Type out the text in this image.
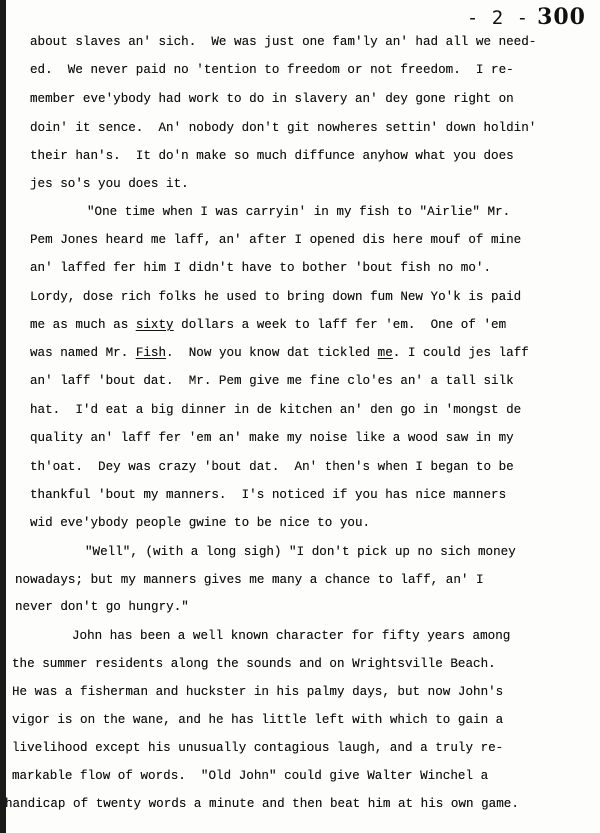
- 2 - 300
about slaves an' sich.  We was just one fam'ly an' had all we need-
ed.  We never paid no 'tention to freedom or not freedom.  I re-
member eve'ybody had work to do in slavery an' dey gone right on
doin' it sence.  An' nobody don't git nowheres settin' down holdin'
their han's.  It do'n make so much diffunce anyhow what you does
jes so's you does it.
"One time when I was carryin' in my fish to "Airlie" Mr.
Pem Jones heard me laff, an' after I opened dis here mouf of mine
an' laffed fer him I didn't have to bother 'bout fish no mo'.
Lordy, dose rich folks he used to bring down fum New Yo'k is paid
me as much as sixty dollars a week to laff fer 'em.  One of 'em
was named Mr. Fish.  Now you know dat tickled me. I could jes laff
an' laff 'bout dat.  Mr. Pem give me fine clo'es an' a tall silk
hat.  I'd eat a big dinner in de kitchen an' den go in 'mongst de
quality an' laff fer 'em an' make my noise like a wood saw in my
th'oat.  Dey was crazy 'bout dat.  An' then's when I began to be
thankful 'bout my manners.  I's noticed if you has nice manners
wid eve'ybody people gwine to be nice to you.
"Well", (with a long sigh) "I don't pick up no sich money
nowadays; but my manners gives me many a chance to laff, an' I
never don't go hungry."
John has been a well known character for fifty years among
the summer residents along the sounds and on Wrightsville Beach.
He was a fisherman and huckster in his palmy days, but now John's
vigor is on the wane, and he has little left with which to gain a
livelihood except his unusually contagious laugh, and a truly re-
markable flow of words.  "Old John" could give Walter Winchel a
handicap of twenty words a minute and then beat him at his own game.
